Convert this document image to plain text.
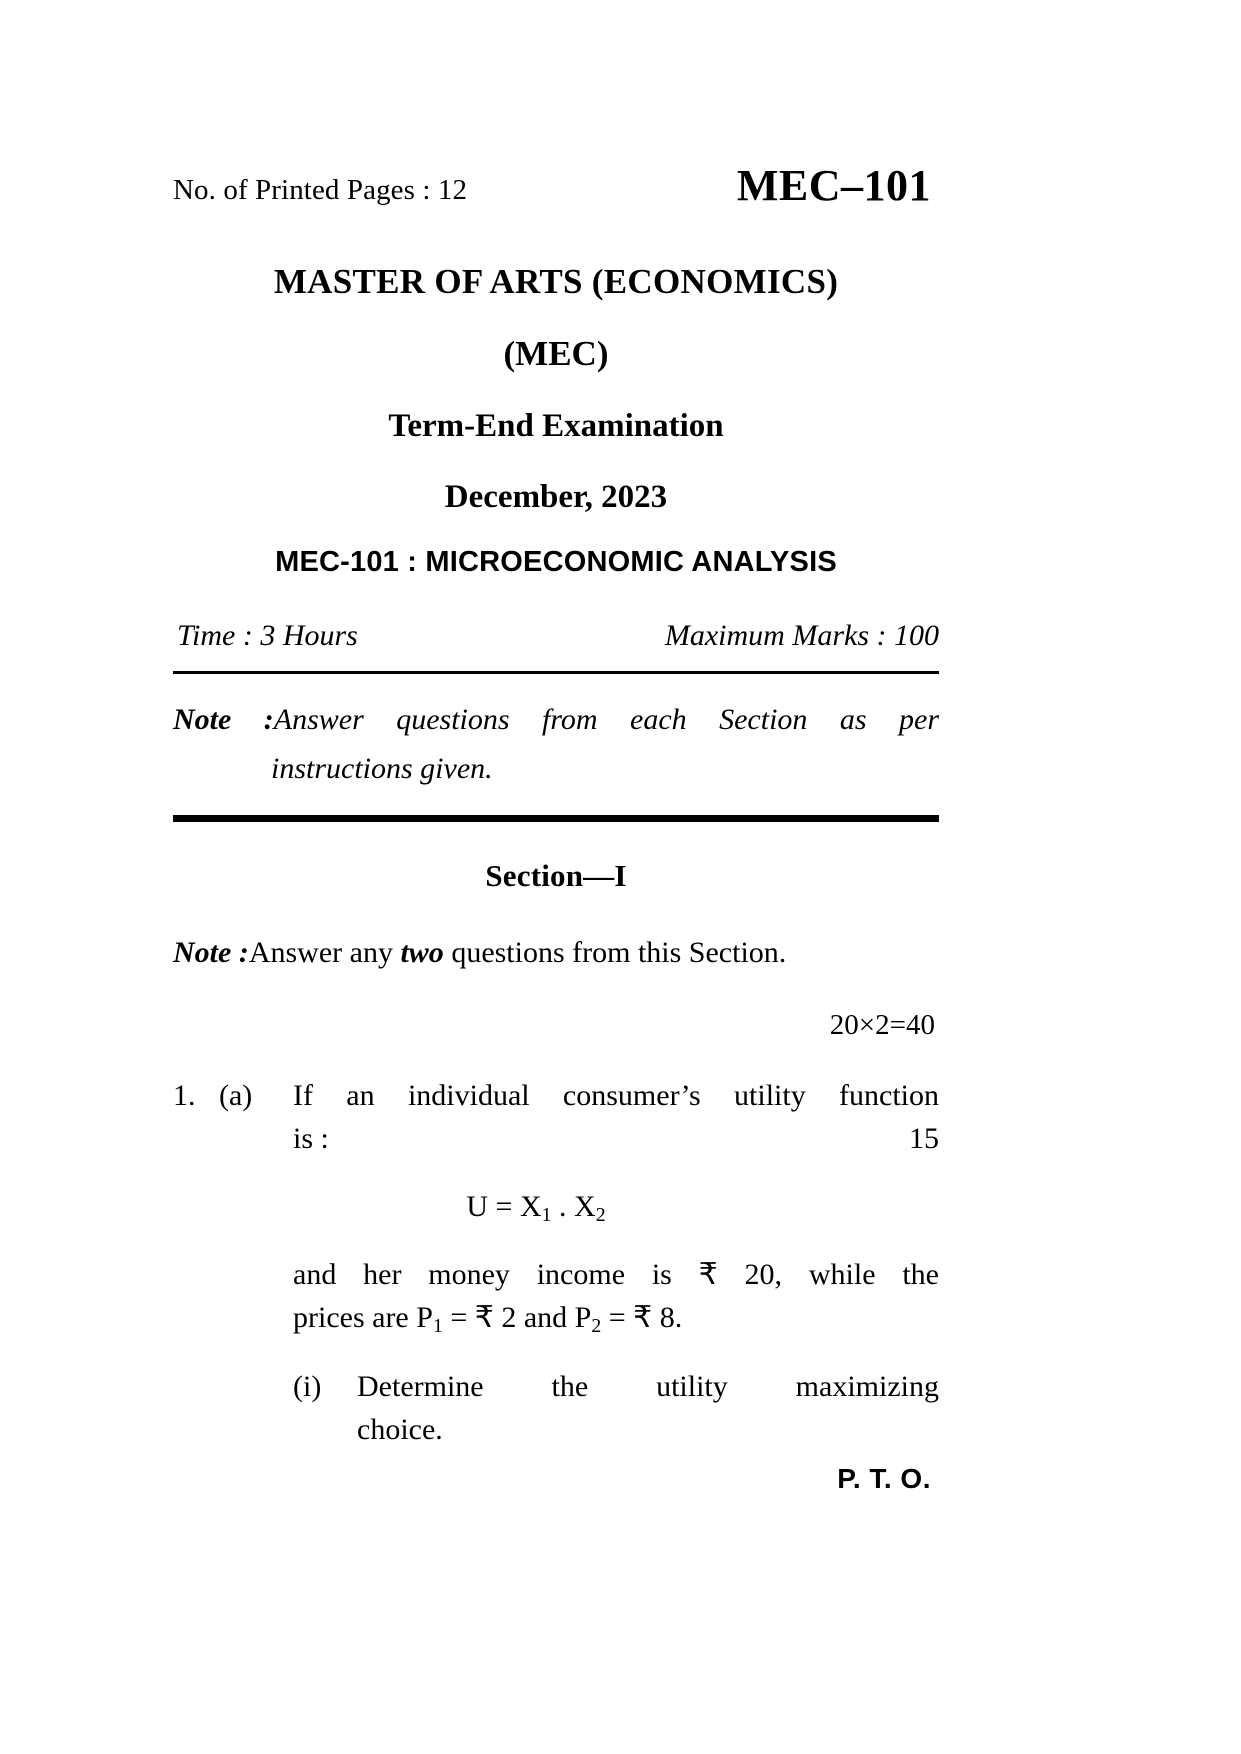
No. of Printed Pages : 12	MEC–101
MASTER OF ARTS (ECONOMICS)
(MEC)
Term-End Examination
December, 2023
MEC-101 : MICROECONOMIC ANALYSIS
Time : 3 Hours	Maximum Marks : 100
Note :Answer questions from each Section as per
instructions given.
Section—I
Note :Answer any two questions from this Section.
20×2=40
1. (a)	If an individual consumer’s utility function
15
is :
$U = X_1$ . $X_2$
and her money income is ₹ 20, while the
prices are $P_1$ = ₹ 2 and $P_2$ = ₹ 8.
(i)	Determine the utility maximizing
choice.
P. T. O.
